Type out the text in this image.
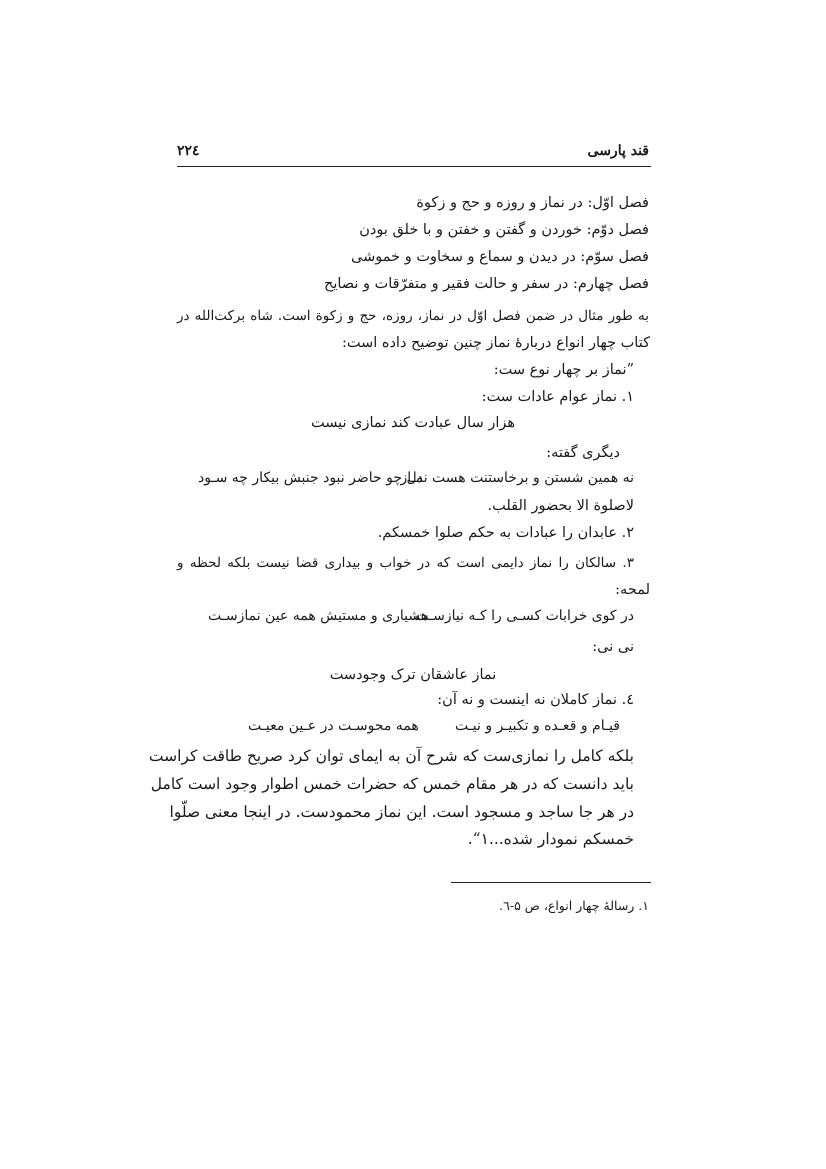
قند پارسی
۲۲٤
فصل اوّل: در نماز و روزه و حج و زکوة
فصل دوّم: خوردن و گفتن و خفتن و با خلق بودن
فصل سوّم: در دیدن و سماع و سخاوت و خموشی
فصل چهارم: در سفر و حالت فقیر و متفرّقات و نصایح
به طور مثال در ضمن فصل اوّل در نماز، روزه، حج و زکوة است. شاه برکت‌الله در
کتاب چهار انواع دربارهٔ نماز چنین توضیح داده است:
”نماز بر چهار نوع ست:
۱. نماز عوام عادات ست:
هزار سال عبادت کند نمازی نیست
دیگری گفته:
نه همین شستن و برخاستنت هست نمـاز
دل چو حاضر نبود جنبش بیکار چه سـود
لاصلوة الا بحضور القلب.
۲. عابدان را عبادات به حکم صلوا خمسکم.
۳. سالکان را نماز دایمی است که در خواب و بیداری قضا نیست بلکه لحظه و
لمحه:
در کوی خرابات کسـی را کـه نیازسـت
هشیاری و مستیش همه عین نمازسـت
نی نی:
نماز عاشقان ترک وجودست
٤. نماز کاملان نه اینست و نه آن:
قیـام و قعـده و تکبیـر و نیـت
همه محوسـت در عـین معیـت
بلکه کامل را نمازی‌ست که شرح آن به ایمای توان کرد صریح طاقت کراست
باید دانست که در هر مقام خمس که حضرات خمس اطوار وجود است کامل
در هر جا ساجد و مسجود است. این نماز محمودست. در اینجا معنی صلّوا
خمسکم نمودار شده...۱“.
۱. رسالهٔ چهار انواع، ص ۵-٦.
